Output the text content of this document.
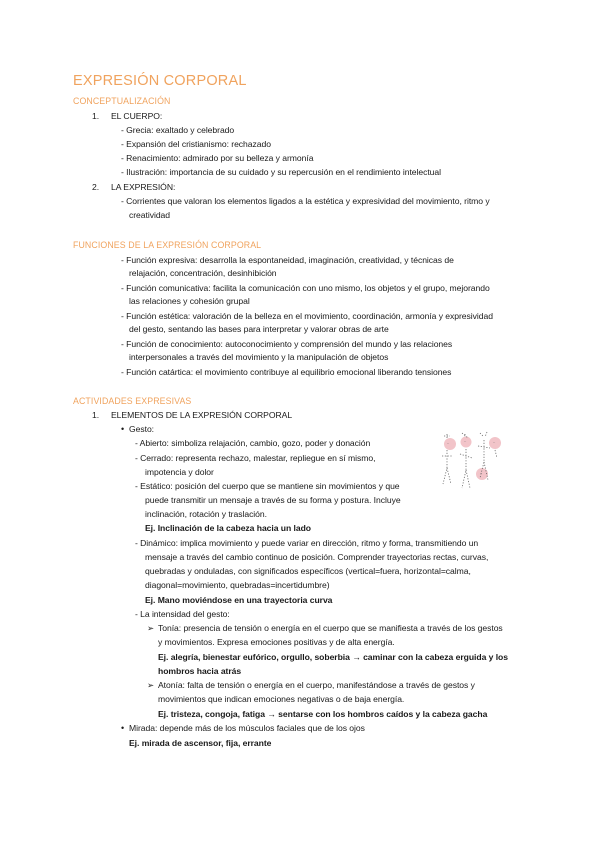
EXPRESIÓN CORPORAL
CONCEPTUALIZACIÓN
1. EL CUERPO:
- Grecia: exaltado y celebrado
- Expansión del cristianismo: rechazado
- Renacimiento: admirado por su belleza y armonía
- Ilustración: importancia de su cuidado y su repercusión en el rendimiento intelectual
2. LA EXPRESIÓN:
- Corrientes que valoran los elementos ligados a la estética y expresividad del movimiento, ritmo y
creatividad
FUNCIONES DE LA EXPRESIÓN CORPORAL
- Función expresiva: desarrolla la espontaneidad, imaginación, creatividad, y técnicas de
relajación, concentración, desinhibición
- Función comunicativa: facilita la comunicación con uno mismo, los objetos y el grupo, mejorando
las relaciones y cohesión grupal
- Función estética: valoración de la belleza en el movimiento, coordinación, armonía y expresividad
del gesto, sentando las bases para interpretar y valorar obras de arte
- Función de conocimiento: autoconocimiento y comprensión del mundo y las relaciones
interpersonales a través del movimiento y la manipulación de objetos
- Función catártica: el movimiento contribuye al equilibrio emocional liberando tensiones
ACTIVIDADES EXPRESIVAS
1. ELEMENTOS DE LA EXPRESIÓN CORPORAL
• Gesto:
- Abierto: simboliza relajación, cambio, gozo, poder y donación
- Cerrado: representa rechazo, malestar, repliegue en sí mismo,
impotencia y dolor
- Estático: posición del cuerpo que se mantiene sin movimientos y que
puede transmitir un mensaje a través de su forma y postura. Incluye
inclinación, rotación y traslación.
Ej. Inclinación de la cabeza hacia un lado
- Dinámico: implica movimiento y puede variar en dirección, ritmo y forma, transmitiendo un
mensaje a través del cambio continuo de posición. Comprender trayectorias rectas, curvas,
quebradas y onduladas, con significados específicos (vertical=fuera, horizontal=calma,
diagonal=movimiento, quebradas=incertidumbre)
Ej. Mano moviéndose en una trayectoria curva
- La intensidad del gesto:
➢ Tonía: presencia de tensión o energía en el cuerpo que se manifiesta a través de los gestos
y movimientos. Expresa emociones positivas y de alta energía.
Ej. alegría, bienestar eufórico, orgullo, soberbia → caminar con la cabeza erguida y los
hombros hacia atrás
➢ Atonía: falta de tensión o energía en el cuerpo, manifestándose a través de gestos y
movimientos que indican emociones negativas o de baja energía.
Ej. tristeza, congoja, fatiga → sentarse con los hombros caídos y la cabeza gacha
• Mirada: depende más de los músculos faciales que de los ojos
Ej. mirada de ascensor, fija, errante
··	··	··
··
